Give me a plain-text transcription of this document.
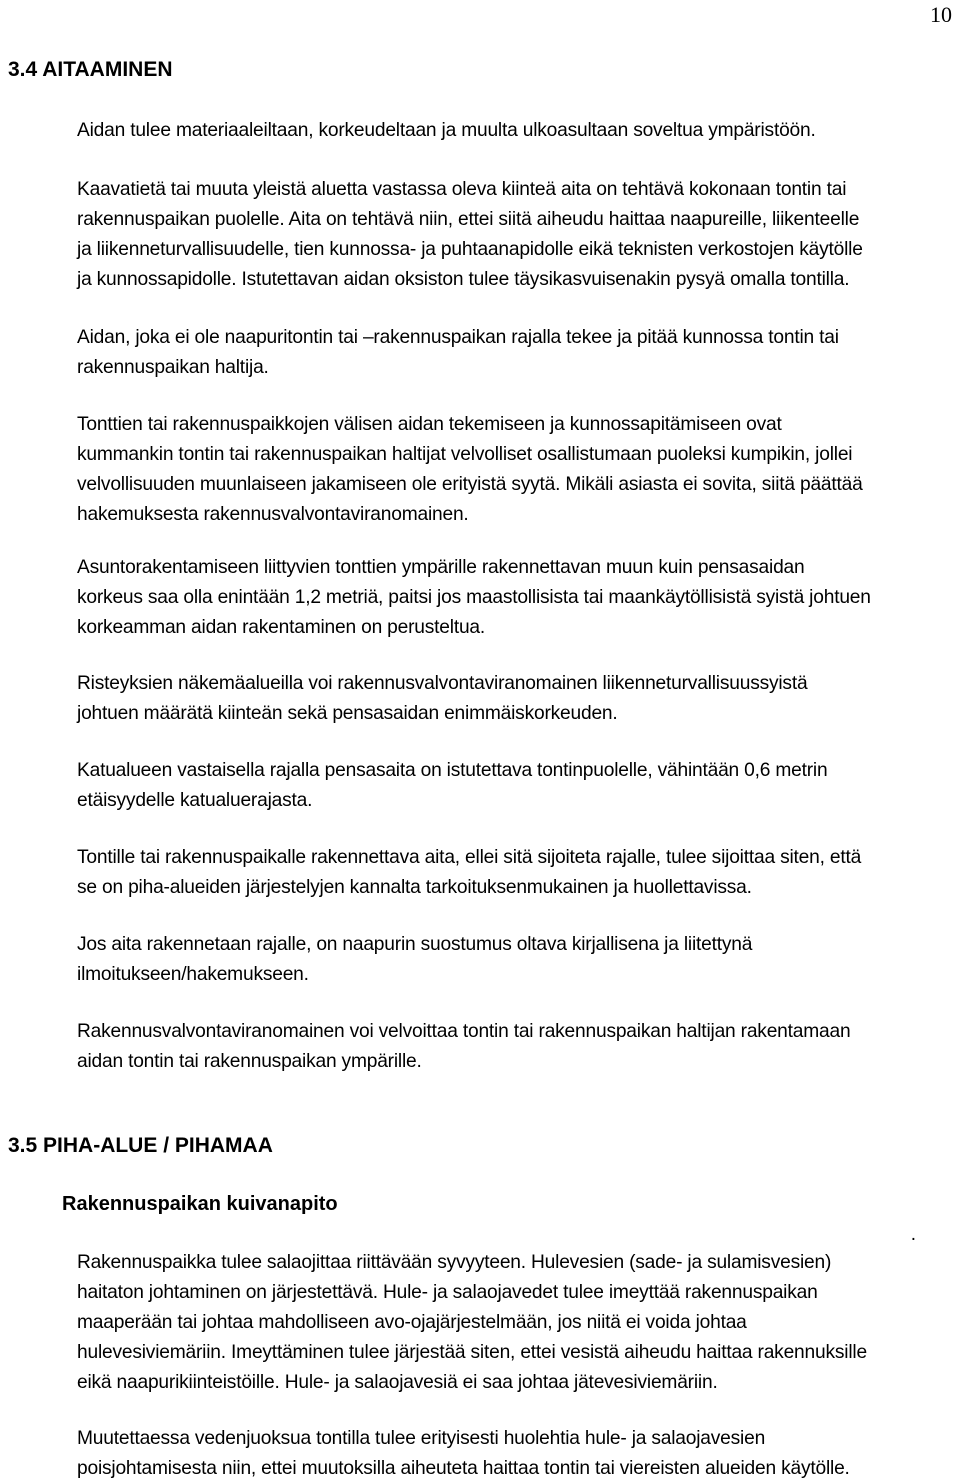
10
3.4 AITAAMINEN
Aidan tulee materiaaleiltaan, korkeudeltaan ja muulta ulkoasultaan soveltua ympäristöön.
Kaavatietä tai muuta yleistä aluetta vastassa oleva kiinteä aita on tehtävä kokonaan tontin tai
rakennuspaikan puolelle. Aita on tehtävä niin, ettei siitä aiheudu haittaa naapureille, liikenteelle
ja liikenneturvallisuudelle, tien kunnossa- ja puhtaanapidolle eikä teknisten verkostojen käytölle
ja kunnossapidolle. Istutettavan aidan oksiston tulee täysikasvuisenakin pysyä omalla tontilla.
Aidan, joka ei ole naapuritontin tai –rakennuspaikan rajalla tekee ja pitää kunnossa tontin tai
rakennuspaikan haltija.
Tonttien tai rakennuspaikkojen välisen aidan tekemiseen ja kunnossapitämiseen ovat
kummankin tontin tai rakennuspaikan haltijat velvolliset osallistumaan puoleksi kumpikin, jollei
velvollisuuden muunlaiseen jakamiseen ole erityistä syytä. Mikäli asiasta ei sovita, siitä päättää
hakemuksesta rakennusvalvontaviranomainen.
Asuntorakentamiseen liittyvien tonttien ympärille rakennettavan muun kuin pensasaidan
korkeus saa olla enintään 1,2 metriä, paitsi jos maastollisista tai maankäytöllisistä syistä johtuen
korkeamman aidan rakentaminen on perusteltua.
Risteyksien näkemäalueilla voi rakennusvalvontaviranomainen liikenneturvallisuussyistä
johtuen määrätä kiinteän sekä pensasaidan enimmäiskorkeuden.
Katualueen vastaisella rajalla pensasaita on istutettava tontinpuolelle, vähintään 0,6 metrin
etäisyydelle katualuerajasta.
Tontille tai rakennuspaikalle rakennettava aita, ellei sitä sijoiteta rajalle, tulee sijoittaa siten, että
se on piha-alueiden järjestelyjen kannalta tarkoituksenmukainen ja huollettavissa.
Jos aita rakennetaan rajalle, on naapurin suostumus oltava kirjallisena ja liitettynä
ilmoitukseen/hakemukseen.
Rakennusvalvontaviranomainen voi velvoittaa tontin tai rakennuspaikan haltijan rakentamaan
aidan tontin tai rakennuspaikan ympärille.
3.5 PIHA-ALUE / PIHAMAA
Rakennuspaikan kuivanapito
.
Rakennuspaikka tulee salaojittaa riittävään syvyyteen. Hulevesien (sade- ja sulamisvesien)
haitaton johtaminen on järjestettävä. Hule- ja salaojavedet tulee imeyttää rakennuspaikan
maaperään tai johtaa mahdolliseen avo-ojajärjestelmään, jos niitä ei voida johtaa
hulevesiviemäriin. Imeyttäminen tulee järjestää siten, ettei vesistä aiheudu haittaa rakennuksille
eikä naapurikiinteistöille. Hule- ja salaojavesiä ei saa johtaa jätevesiviemäriin.
Muutettaessa vedenjuoksua tontilla tulee erityisesti huolehtia hule- ja salaojavesien
poisjohtamisesta niin, ettei muutoksilla aiheuteta haittaa tontin tai viereisten alueiden käytölle.
